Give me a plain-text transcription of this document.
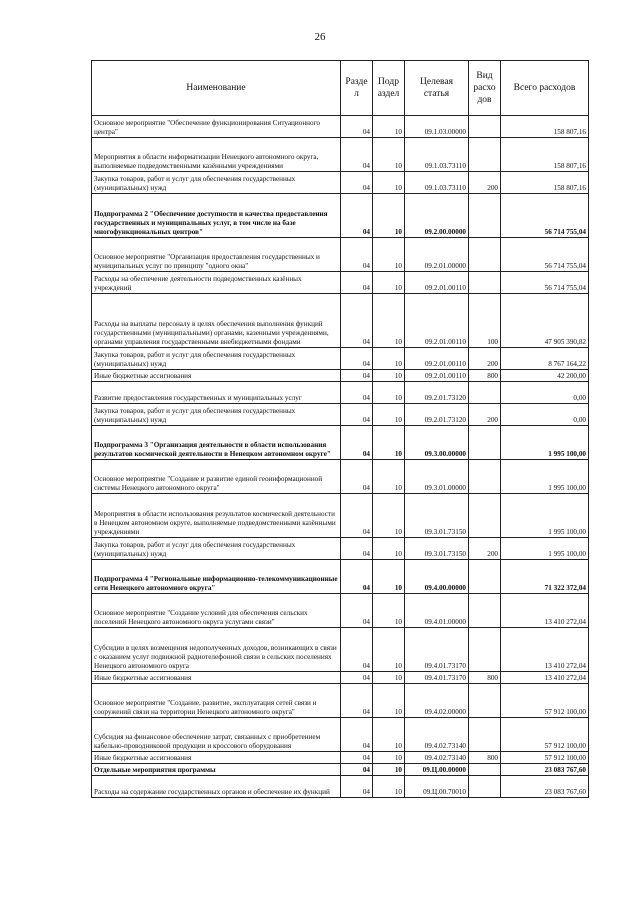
26
Наименование	Разде л	Подр аздел	Целевая статья	Вид расхо дов	Всего расходов
Основное мероприятие "Обеспечение функционирования Ситуационного центра"	04	10	09.1.03.00000		158 807,16
Мероприятия в области информатизации Ненецкого автономного округа, выполняемые подведомственными казёнными учреждениями	04	10	09.1.03.73110		158 807,16
Закупка товаров, работ и услуг для обеспечения государственных (муниципальных) нужд	04	10	09.1.03.73110	200	158 807,16
Подпрограмма 2 "Обеспечение доступности и качества предоставления государственных и муниципальных услуг, в том числе на базе многофункциональных центров"	04	10	09.2.00.00000		56 714 755,04
Основное мероприятие "Организация предоставления государственных и муниципальных услуг по принципу "одного окна"	04	10	09.2.01.00000		56 714 755,04
Расходы на обеспечение деятельности подведомственных казённых учреждений	04	10	09.2.01.00110		56 714 755,04
Расходы на выплаты персоналу в целях обеспечения выполнения функций государственными (муниципальными) органами, казенными учреждениями, органами управления государственными внебюджетными фондами	04	10	09.2.01.00110	100	47 905 390,82
Закупка товаров, работ и услуг для обеспечения государственных (муниципальных) нужд	04	10	09.2.01.00110	200	8 767 164,22
Иные бюджетные ассигнования	04	10	09.2.01.00110	800	42 200,00
Развитие предоставления государственных и муниципальных услуг	04	10	09.2.01.73120		0,00
Закупка товаров, работ и услуг для обеспечения государственных (муниципальных) нужд	04	10	09.2.01.73120	200	0,00
Подпрограмма 3 "Организация деятельности в области использования результатов космической деятельности в Ненецком автономном округе"	04	10	09.3.00.00000		1 995 100,00
Основное мероприятие "Создание и развитие единой геоинформационной системы Ненецкого автономного округа"	04	10	09.3.01.00000		1 995 100,00
Мероприятия в области использования результатов космической деятельности в Ненецком автономном округе, выполняемые подведомственными казёнными учреждениями	04	10	09.3.01.73150		1 995 100,00
Закупка товаров, работ и услуг для обеспечения государственных (муниципальных) нужд	04	10	09.3.01.73150	200	1 995 100,00
Подпрограмма 4 "Региональные информационно-телекоммуникационные сети Ненецкого автономного округа"	04	10	09.4.00.00000		71 322 372,04
Основное мероприятие "Создание условий для обеспечения сельских поселений Ненецкого автономного округа услугами связи"	04	10	09.4.01.00000		13 410 272,04
Субсидии в целях возмещения недополученных доходов, возникающих в связи с оказанием услуг подвижной радиотелефонной связи в сельских поселениях Ненецкого автономного округа	04	10	09.4.01.73170		13 410 272,04
Иные бюджетные ассигнования	04	10	09.4.01.73170	800	13 410 272,04
Основное мероприятие "Создание, развитие, эксплуатация сетей связи и сооружений связи на территории Ненецкого автономного округа"	04	10	09.4.02.00000		57 912 100,00
Субсидия на финансовое обеспечение затрат, связанных с приобретением кабельно-проводниковой продукции и кроссового оборудования	04	10	09.4.02.73140		57 912 100,00
Иные бюджетные ассигнования	04	10	09.4.02.73140	800	57 912 100,00
Отдельные мероприятия программы	04	10	09.Ц.00.00000		23 083 767,60
Расходы на содержание государственных органов и обеспечение их функций	04	10	09.Ц.00.70010		23 083 767,60
